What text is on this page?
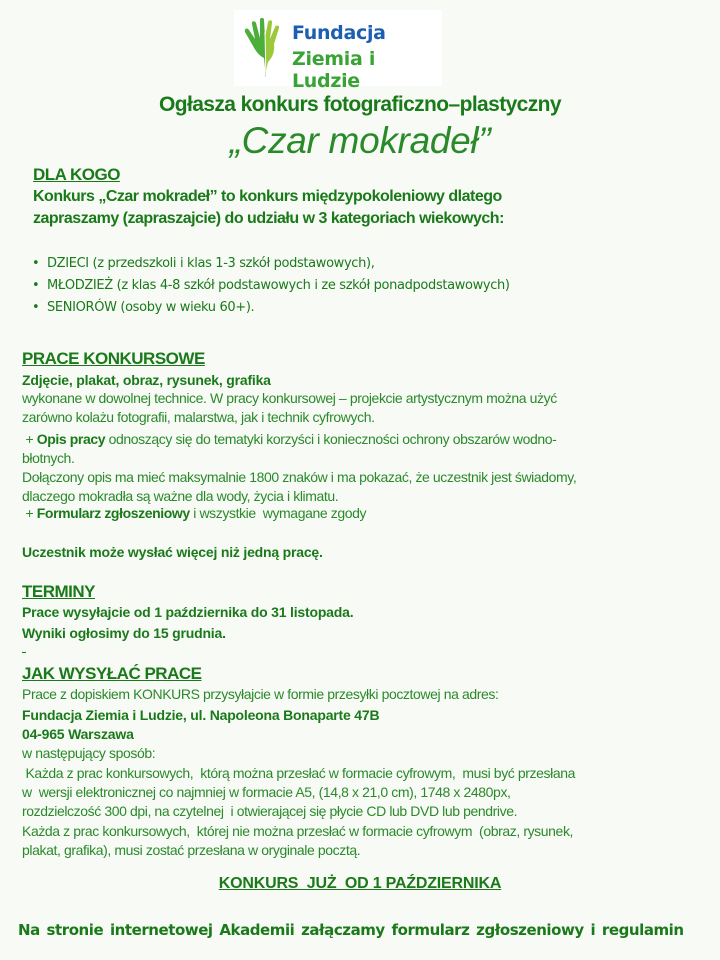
Fundacja
Ziemia i Ludzie
Ogłasza konkurs fotograficzno–plastyczny
„Czar mokradeł”
DLA KOGO
Konkurs „Czar mokradeł” to konkurs międzypokoleniowy dlatego
zapraszamy (zapraszajcie) do udziału w 3 kategoriach wiekowych:
• DZIECI (z przedszkoli i klas 1-3 szkół podstawowych),
• MŁODZIEŻ (z klas 4-8 szkół podstawowych i ze szkół ponadpodstawowych)
• SENIORÓW (osoby w wieku 60+).
PRACE KONKURSOWE
Zdjęcie, plakat, obraz, rysunek, grafika
wykonane w dowolnej technice. W pracy konkursowej – projekcie artystycznym można użyć
zarówno kolażu fotografii, malarstwa, jak i technik cyfrowych.
+ Opis pracy odnoszący się do tematyki korzyści i konieczności ochrony obszarów wodno-
błotnych.
Dołączony opis ma mieć maksymalnie 1800 znaków i ma pokazać, że uczestnik jest świadomy,
dlaczego mokradła są ważne dla wody, życia i klimatu.
+ Formularz zgłoszeniowy i wszystkie  wymagane zgody
Uczestnik może wysłać więcej niż jedną pracę.
TERMINY
Prace wysyłajcie od 1 października do 31 listopada.
Wyniki ogłosimy do 15 grudnia.
JAK WYSYŁAĆ PRACE
Prace z dopiskiem KONKURS przysyłajcie w formie przesyłki pocztowej na adres:
Fundacja Ziemia i Ludzie, ul. Napoleona Bonaparte 47B
04-965 Warszawa
w następujący sposób:
Każda z prac konkursowych,  którą można przesłać w formacie cyfrowym,  musi być przesłana
w  wersji elektronicznej co najmniej w formacie A5, (14,8 x 21,0 cm), 1748 x 2480px,
rozdzielczość 300 dpi, na czytelnej  i otwierającej się płycie CD lub DVD lub pendrive.
Każda z prac konkursowych,  której nie można przesłać w formacie cyfrowym  (obraz, rysunek,
plakat, grafika), musi zostać przesłana w oryginale pocztą.
KONKURS  JUŻ  OD 1 PAŹDZIERNIKA
Na stronie internetowej Akademii załączamy formularz zgłoszeniowy i regulamin
